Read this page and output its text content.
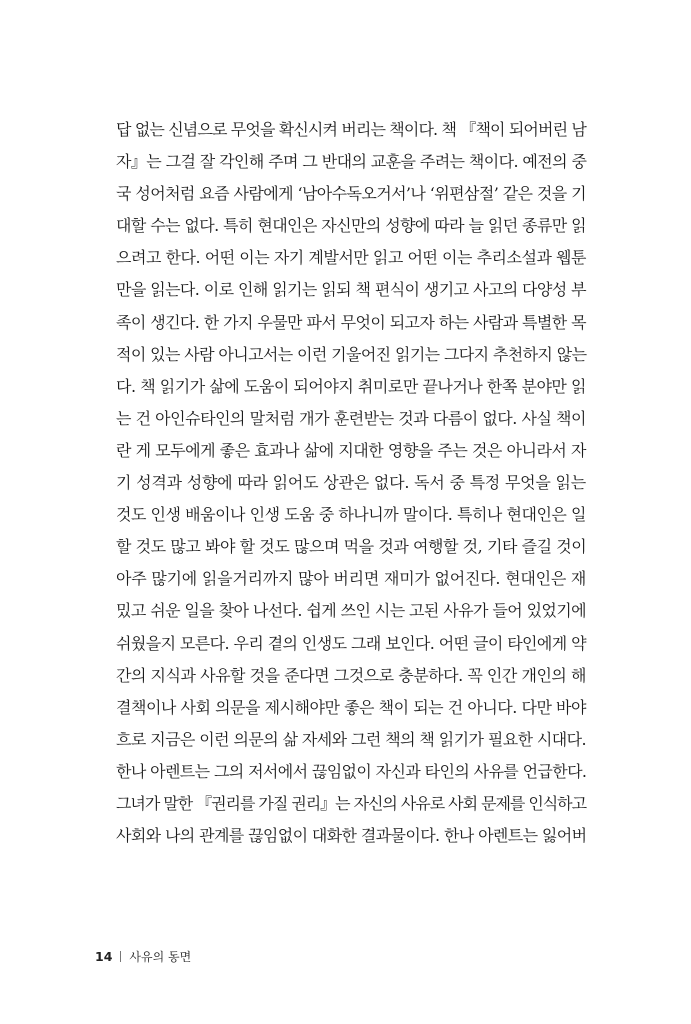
답 없는 신념으로 무엇을 확신시켜 버리는 책이다. 책 『책이 되어버린 남
자』는 그걸 잘 각인해 주며 그 반대의 교훈을 주려는 책이다. 예전의 중
국 성어처럼 요즘 사람에게 ‘남아수독오거서’나 ‘위편삼절’ 같은 것을 기
대할 수는 없다. 특히 현대인은 자신만의 성향에 따라 늘 읽던 종류만 읽
으려고 한다. 어떤 이는 자기 계발서만 읽고 어떤 이는 추리소설과 웹툰
만을 읽는다. 이로 인해 읽기는 읽되 책 편식이 생기고 사고의 다양성 부
족이 생긴다. 한 가지 우물만 파서 무엇이 되고자 하는 사람과 특별한 목
적이 있는 사람 아니고서는 이런 기울어진 읽기는 그다지 추천하지 않는
다. 책 읽기가 삶에 도움이 되어야지 취미로만 끝나거나 한쪽 분야만 읽
는 건 아인슈타인의 말처럼 개가 훈련받는 것과 다름이 없다. 사실 책이
란 게 모두에게 좋은 효과나 삶에 지대한 영향을 주는 것은 아니라서 자
기 성격과 성향에 따라 읽어도 상관은 없다. 독서 중 특정 무엇을 읽는
것도 인생 배움이나 인생 도움 중 하나니까 말이다. 특히나 현대인은 일
할 것도 많고 봐야 할 것도 많으며 먹을 것과 여행할 것, 기타 즐길 것이
아주 많기에 읽을거리까지 많아 버리면 재미가 없어진다. 현대인은 재
밌고 쉬운 일을 찾아 나선다. 쉽게 쓰인 시는 고된 사유가 들어 있었기에
쉬웠을지 모른다. 우리 곁의 인생도 그래 보인다. 어떤 글이 타인에게 약
간의 지식과 사유할 것을 준다면 그것으로 충분하다. 꼭 인간 개인의 해
결책이나 사회 의문을 제시해야만 좋은 책이 되는 건 아니다. 다만 바야
흐로 지금은 이런 의문의 삶 자세와 그런 책의 책 읽기가 필요한 시대다.
한나 아렌트는 그의 저서에서 끊임없이 자신과 타인의 사유를 언급한다.
그녀가 말한 『권리를 가질 권리』는 자신의 사유로 사회 문제를 인식하고
사회와 나의 관계를 끊임없이 대화한 결과물이다. 한나 아렌트는 잃어버
14 사유의 동면
